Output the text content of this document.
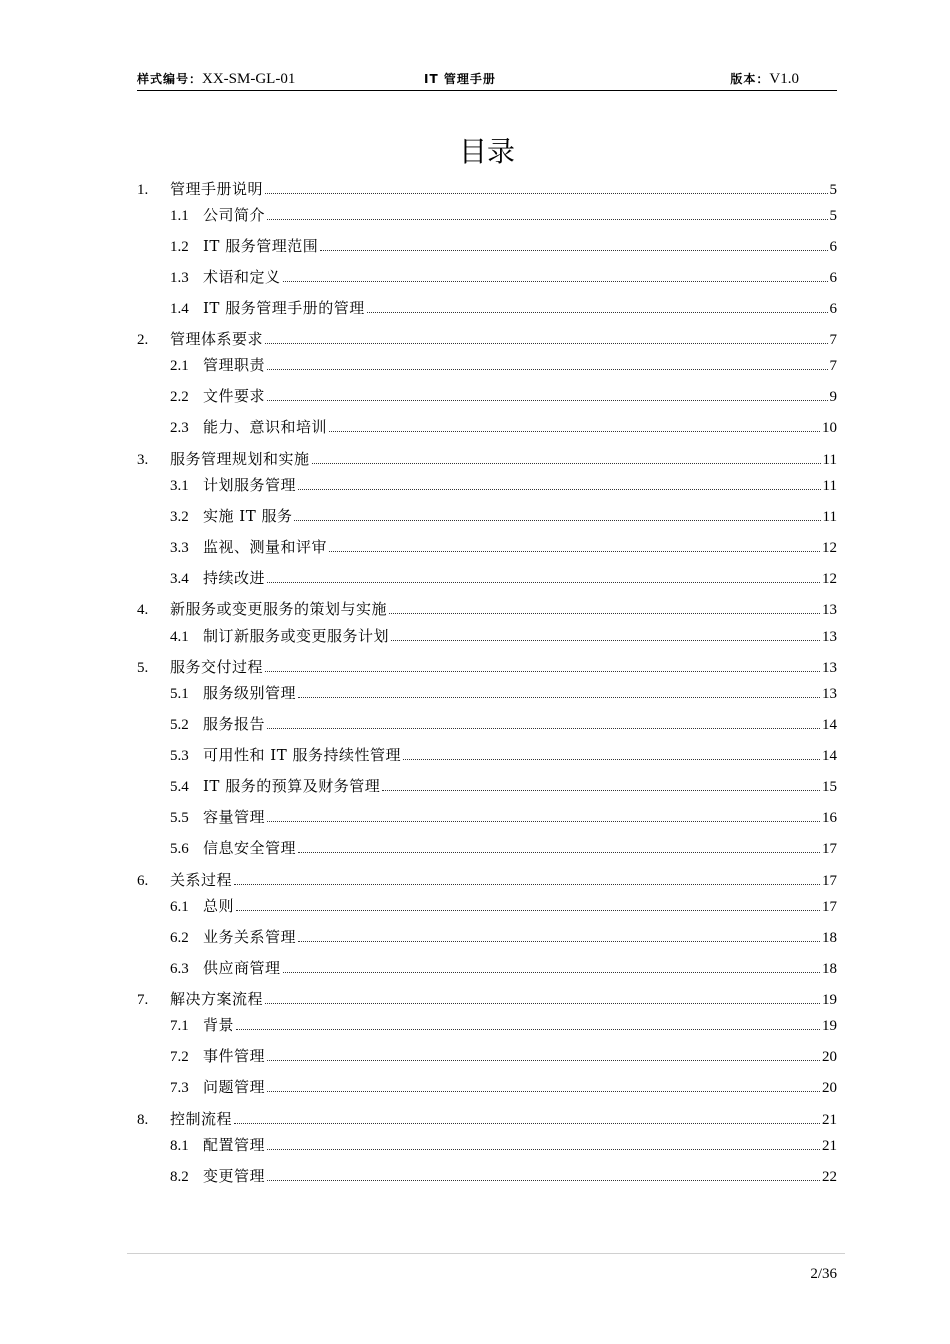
样式编号：XX-SM-GL-01	IT 管理手册	版本：V1.0
目录
1.	管理手册说明	5
1.1 公司简介	5
1.2 IT 服务管理范围	6
1.3 术语和定义	6
1.4 IT 服务管理手册的管理	6
2.	管理体系要求	7
2.1 管理职责	7
2.2 文件要求	9
2.3 能力、意识和培训	10
3.	服务管理规划和实施	11
3.1 计划服务管理	11
3.2 实施 IT 服务	11
3.3 监视、测量和评审	12
3.4 持续改进	12
4.	新服务或变更服务的策划与实施	13
4.1 制订新服务或变更服务计划	13
5.	服务交付过程	13
5.1 服务级别管理	13
5.2 服务报告	14
5.3 可用性和 IT 服务持续性管理	14
5.4 IT 服务的预算及财务管理	15
5.5 容量管理	16
5.6 信息安全管理	17
6.	关系过程	17
6.1 总则	17
6.2 业务关系管理	18
6.3 供应商管理	18
7.	解决方案流程	19
7.1 背景	19
7.2 事件管理	20
7.3 问题管理	20
8.	控制流程	21
8.1 配置管理	21
8.2 变更管理	22
2/36
